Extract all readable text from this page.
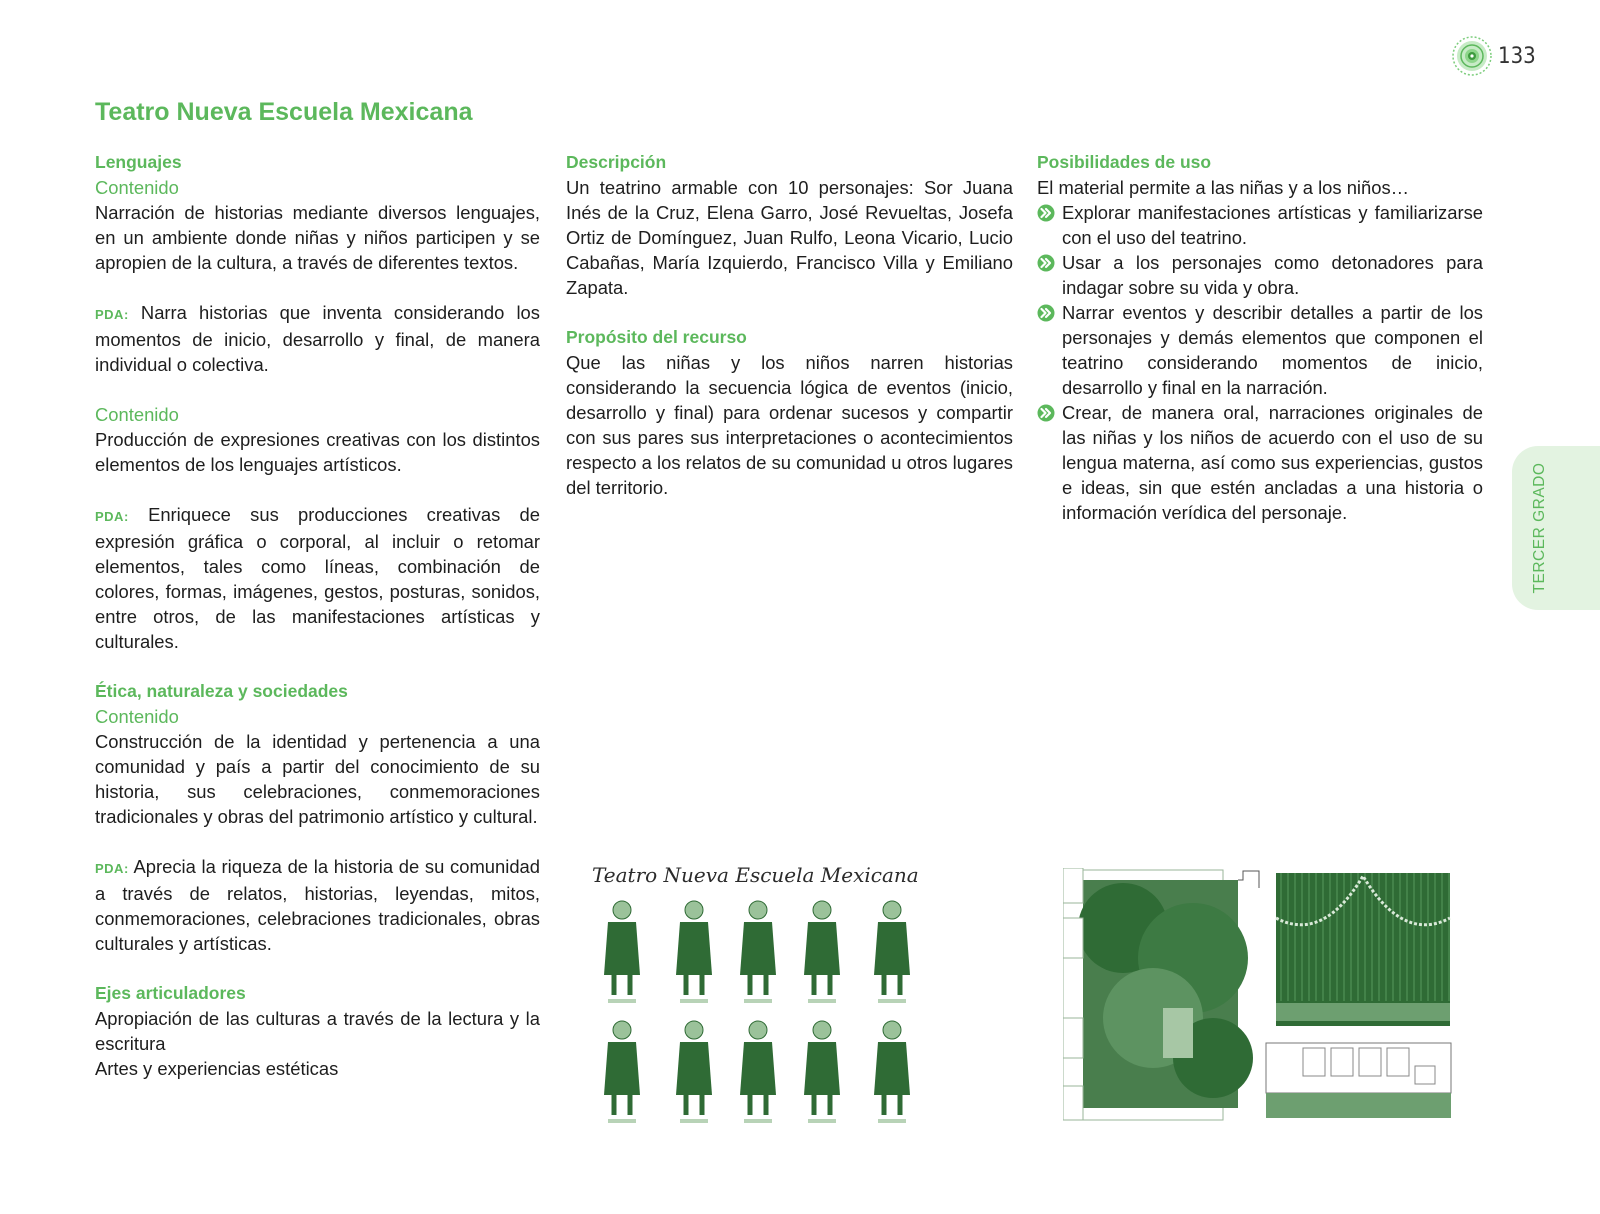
133
Teatro Nueva Escuela Mexicana
Lenguajes
Contenido

Narración de historias mediante diversos lenguajes, en un ambiente donde niñas y niños participen y se apropien de la cultura, a través de diferentes textos.

PDA: Narra historias que inventa considerando los momentos de inicio, desarrollo y final, de manera individual o colectiva.

Contenido

Producción de expresiones creativas con los distintos elementos de los lenguajes artísticos.

PDA: Enriquece sus producciones creativas de expresión gráfica o corporal, al incluir o retomar elementos, tales como líneas, combinación de colores, formas, imágenes, gestos, posturas, sonidos, entre otros, de las manifestaciones artísticas y culturales.

Ética, naturaleza y sociedades
Contenido

Construcción de la identidad y pertenencia a una comunidad y país a partir del conocimiento de su historia, sus celebraciones, conmemoraciones tradicionales y obras del patrimonio artístico y cultural.

PDA: Aprecia la riqueza de la historia de su comunidad a través de relatos, historias, leyendas, mitos, conmemoraciones, celebraciones tradicionales, obras culturales y artísticas.

Ejes articuladores

Apropiación de las culturas a través de la lectura y la escritura

Artes y experiencias estéticas

Descripción

Un teatrino armable con 10 personajes: Sor Juana Inés de la Cruz, Elena Garro, José Revueltas, Josefa Ortiz de Domínguez, Juan Rulfo, Leona Vicario, Lucio Cabañas, María Izquierdo, Francisco Villa y Emiliano Zapata.

Propósito del recurso

Que las niñas y los niños narren historias considerando la secuencia lógica de eventos (inicio, desarrollo y final) para ordenar sucesos y compartir con sus pares sus interpretaciones o acontecimientos respecto a los relatos de su comunidad u otros lugares del territorio.

Posibilidades de uso

El material permite a las niñas y a los niños…

Explorar manifestaciones artísticas y familiarizarse con el uso del teatrino.
Usar a los personajes como detonadores para indagar sobre su vida y obra.
Narrar eventos y describir detalles a partir de los personajes y demás elementos que componen el teatrino considerando momentos de inicio, desarrollo y final en la narración.
Crear, de manera oral, narraciones originales de las niñas y los niños de acuerdo con el uso de su lengua materna, así como sus experiencias, gustos e ideas, sin que estén ancladas a una historia o información verídica del personaje.	TERCER GRADO
Teatro Nueva Escuela Mexicana
